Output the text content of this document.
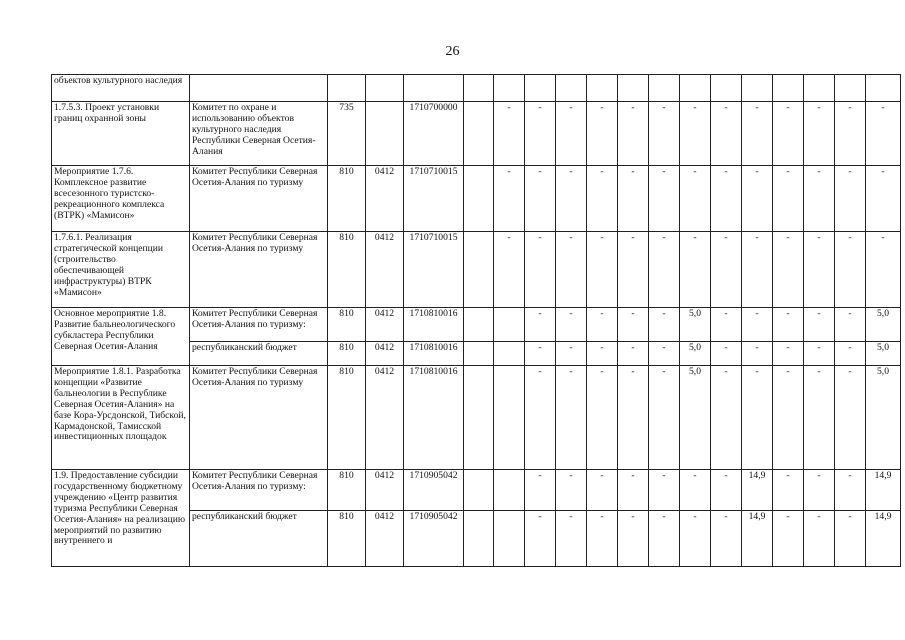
26
объектов культурного наследия																		
1.7.5.3. Проект установки границ охранной зоны	Комитет по охране и использованию объектов культурного наследия Республики Северная Осетия-Алания	735		1710700000		-	-	-	-	-	-	-	-	-	-	-	-	-
Мероприятие 1.7.6. Комплексное развитие всесезонного туристско-рекреационного комплекса (ВТРК) «Мамисон»	Комитет Республики Северная Осетия-Алания по туризму	810	0412	1710710015		-	-	-	-	-	-	-	-	-	-	-	-	-
1.7.6.1. Реализация стратегической концепции (строительство обеспечивающей инфраструктуры) ВТРК «Мамисон»	Комитет Республики Северная Осетия-Алания по туризму	810	0412	1710710015		-	-	-	-	-	-	-	-	-	-	-	-	-
Основное мероприятие 1.8. Развитие бальнеологического субкластера Республики Северная Осетия-Алания	Комитет Республики Северная Осетия-Алания по туризму:	810	0412	1710810016			-	-	-	-	-	5,0	-	-	-	-	-	5,0
	республиканский бюджет	810	0412	1710810016			-	-	-	-	-	5,0	-	-	-	-	-	5,0
Мероприятие 1.8.1. Разработка концепции «Развитие бальнеологии в Республике Северная Осетия-Алания» на базе Кора-Урсдонской, Тибской, Кармадонской, Тамисской инвестиционных площадок	Комитет Республики Северная Осетия-Алания по туризму	810	0412	1710810016			-	-	-	-	-	5,0	-	-	-	-	-	5,0
1.9. Предоставление субсидии государственному бюджетному учреждению «Центр развития туризма Республики Северная Осетия-Алания» на реализацию мероприятий по развитию внутреннего и	Комитет Республики Северная Осетия-Алания по туризму:	810	0412	1710905042			-	-	-	-	-	-	-	14,9	-	-	-	14,9
	республиканский бюджет	810	0412	1710905042			-	-	-	-	-	-	-	14,9	-	-	-	14,9
